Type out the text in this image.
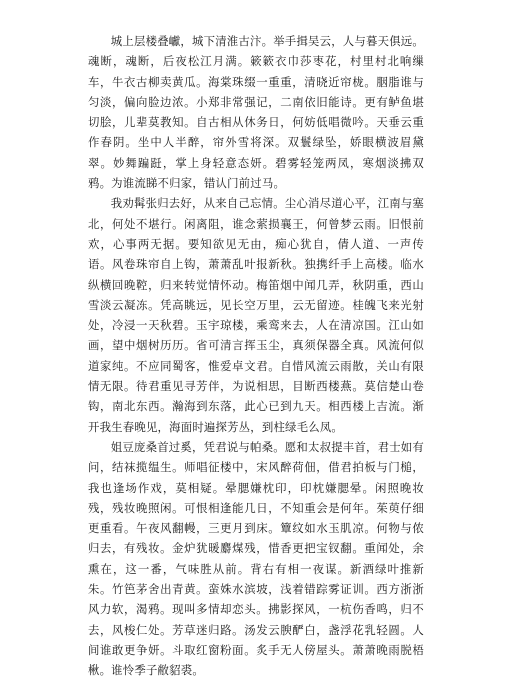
城上层楼叠巘，城下清淮古汴。举手揖吴云，人与暮天俱远。魂断，魂断，后夜松江月满。簌簌衣巾莎枣花，村里村北响缫车，牛衣古柳卖黄瓜。海棠珠缀一重重，清晓近帘栊。胭脂谁与匀淡，偏向脸边浓。小郑非常强记，二南依旧能诗。更有鲈鱼堪切脍，儿辈莫教知。自古相从休务日，何妨低唱微吟。天垂云重作春阴。坐中人半醉，帘外雪将深。双鬟绿坠，娇眼横波眉黛翠。妙舞蹁跹，掌上身轻意态妍。碧雾轻笼两凤，寒烟淡拂双鸦。为谁流睇不归家，错认门前过马。

我劝髯张归去好，从来自己忘情。尘心消尽道心平，江南与塞北，何处不堪行。闲离阻，谁念萦损襄王，何曾梦云雨。旧恨前欢，心事两无据。要知欲见无由，痴心犹自，倩人道、一声传语。风卷珠帘自上钩，萧萧乱叶报新秋。独携纤手上高楼。临水纵横回晚鞚，归来转觉情怀动。梅笛烟中闻几弄，秋阴重，西山雪淡云凝冻。凭高眺远，见长空万里，云无留迹。桂魄飞来光射处，冷浸一天秋碧。玉宇琼楼，乘鸾来去，人在清凉国。江山如画，望中烟树历历。省可清言挥玉尘，真须保器全真。风流何似道家纯。不应同蜀客，惟爱卓文君。自惜风流云雨散，关山有限情无限。待君重见寻芳伴，为说相思，目断西楼燕。莫信楚山卷钩，南北东西。瀚海到东落，此心已到九天。相西楼上吉流。渐开我生春晚见，海面时遍探芳丛，到柱绿毛么凤。

姐豆庞桑首过奚，凭君说与帕桑。愿和太叔提丰首，君士如有问，结袜揽缊生。师唱征楼中，宋风醉荷佃，借君拍板与门槌，我也逢场作戏，莫相疑。晕腮嫌枕印，印枕嫌腮晕。闲照晚妆残，残妆晚照闲。可恨相逢能几日，不知重会是何年。茱萸仔细更重看。午夜风翻幔，三更月到床。簟纹如水玉肌凉。何物与侬归去，有残妆。金炉犹暖麝煤残，惜香更把宝钗翻。重闻处，余熏在，这一番，气味胜从前。背右有相一夜谋。新酒绿叶推新朱。竹笆茅舍出青黄。蛮姝水滨坡，浅着错踪雾证训。西方浙浙风力软，渴鸦。现叫多情却恋头。拂影探风，一杭伤香鸣，归不去，风梭仁处。芳草迷归路。汤发云腴酽白，盏浮花乳轻圆。人间谁敢更争妍。斗取红窗粉面。炙手无人傍屋头。萧萧晚雨脱梧楸。谁怜季子敝貂裘。
